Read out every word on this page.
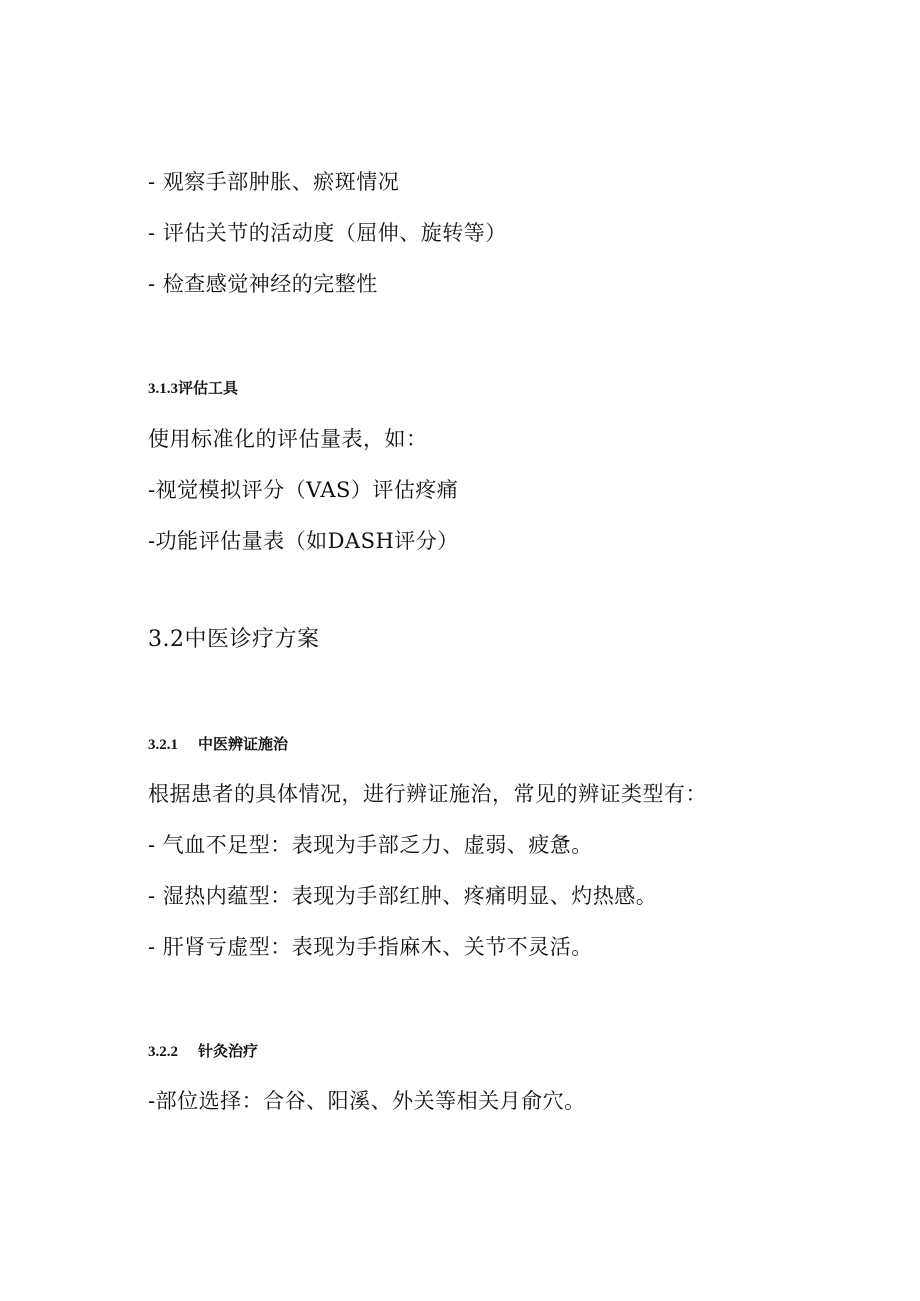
- 观察手部肿胀、瘀斑情况
- 评估关节的活动度（屈伸、旋转等）
- 检查感觉神经的完整性
3.1.3评估工具
使用标准化的评估量表，如：
-视觉模拟评分（VAS）评估疼痛
-功能评估量表（如DASH评分）
3.2中医诊疗方案
3.2.1 中医辨证施治
根据患者的具体情况，进行辨证施治，常见的辨证类型有：
- 气血不足型：表现为手部乏力、虚弱、疲惫。
- 湿热内蕴型：表现为手部红肿、疼痛明显、灼热感。
- 肝肾亏虚型：表现为手指麻木、关节不灵活。
3.2.2 针灸治疗
-部位选择：合谷、阳溪、外关等相关月俞穴。
